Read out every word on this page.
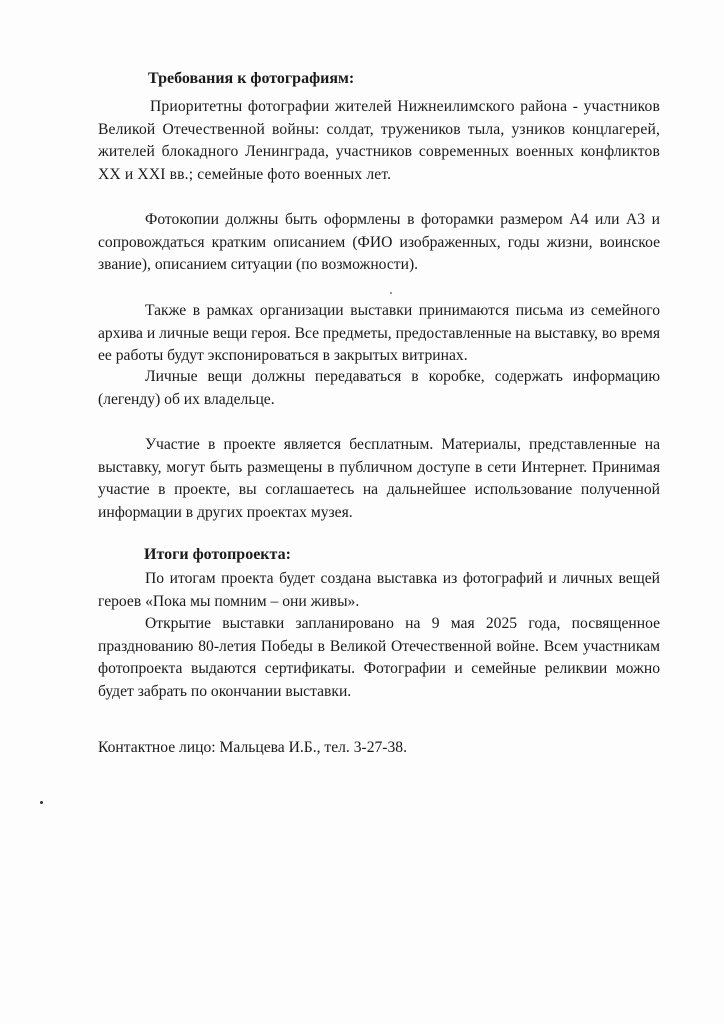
Требования к фотографиям:

Приоритетны фотографии жителей Нижнеилимского района - участников Великой Отечественной войны: солдат, тружеников тыла, узников концлагерей, жителей блокадного Ленинграда, участников современных военных конфликтов XX и XXI вв.; семейные фото военных лет.

Фотокопии должны быть оформлены в фоторамки размером А4 или А3 и сопровождаться кратким описанием (ФИО изображенных, годы жизни, воинское звание), описанием ситуации (по возможности).

Также в рамках организации выставки принимаются письма из семейного архива и личные вещи героя. Все предметы, предоставленные на выставку, во время ее работы будут экспонироваться в закрытых витринах.

Личные вещи должны передаваться в коробке, содержать информацию (легенду) об их владельце.

Участие в проекте является бесплатным. Материалы, представленные на выставку, могут быть размещены в публичном доступе в сети Интернет. Принимая участие в проекте, вы соглашаетесь на дальнейшее использование полученной информации в других проектах музея.

Итоги фотопроекта:

По итогам проекта будет создана выставка из фотографий и личных вещей героев «Пока мы помним – они живы».

Открытие выставки запланировано на 9 мая 2025 года, посвященное празднованию 80-летия Победы в Великой Отечественной войне. Всем участникам фотопроекта выдаются сертификаты. Фотографии и семейные реликвии можно будет забрать по окончании выставки.

Контактное лицо: Мальцева И.Б., тел. 3-27-38.
